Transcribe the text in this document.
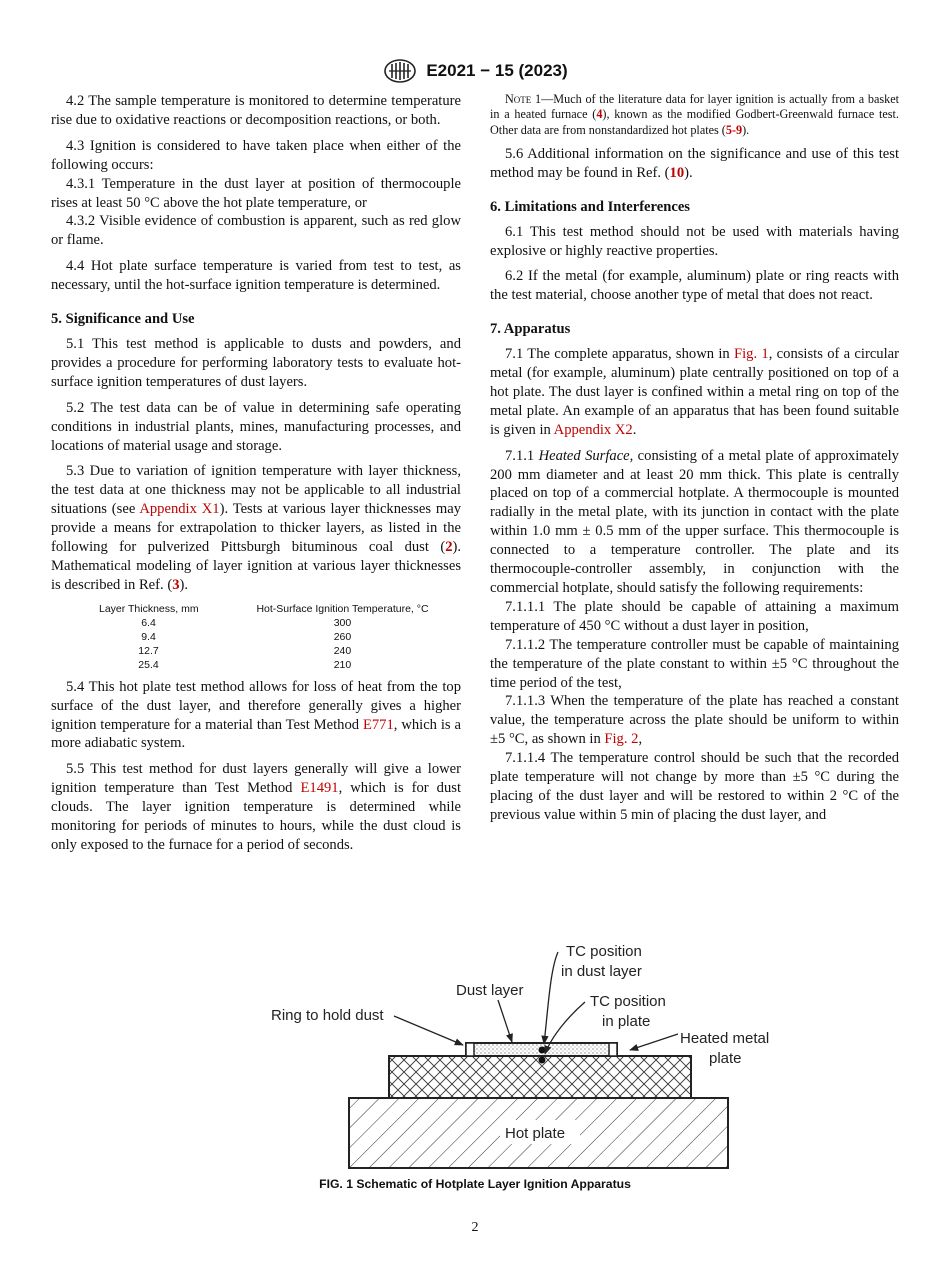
E2021 − 15 (2023)

4.2 The sample temperature is monitored to determine temperature rise due to oxidative reactions or decomposition reactions, or both.

4.3 Ignition is considered to have taken place when either of the following occurs:

4.3.1 Temperature in the dust layer at position of thermocouple rises at least 50 °C above the hot plate temperature, or

4.3.2 Visible evidence of combustion is apparent, such as red glow or flame.

4.4 Hot plate surface temperature is varied from test to test, as necessary, until the hot-surface ignition temperature is determined.

5. Significance and Use

5.1 This test method is applicable to dusts and powders, and provides a procedure for performing laboratory tests to evaluate hot-surface ignition temperatures of dust layers.

5.2 The test data can be of value in determining safe operating conditions in industrial plants, mines, manufacturing processes, and locations of material usage and storage.

5.3 Due to variation of ignition temperature with layer thickness, the test data at one thickness may not be applicable to all industrial situations (see Appendix X1). Tests at various layer thicknesses may provide a means for extrapolation to thicker layers, as listed in the following for pulverized Pittsburgh bituminous coal dust (2). Mathematical modeling of layer ignition at various layer thicknesses is described in Ref. (3).

Layer Thickness, mm	Hot-Surface Ignition Temperature, °C
6.4	300
9.4	260
12.7	240
25.4	210

5.4 This hot plate test method allows for loss of heat from the top surface of the dust layer, and therefore generally gives a higher ignition temperature for a material than Test Method E771, which is a more adiabatic system.

5.5 This test method for dust layers generally will give a lower ignition temperature than Test Method E1491, which is for dust clouds. The layer ignition temperature is determined while monitoring for periods of minutes to hours, while the dust cloud is only exposed to the furnace for a period of seconds.

Note 1—Much of the literature data for layer ignition is actually from a basket in a heated furnace (4), known as the modified Godbert-Greenwald furnace test. Other data are from nonstandardized hot plates (5-9).

5.6 Additional information on the significance and use of this test method may be found in Ref. (10).

6. Limitations and Interferences

6.1 This test method should not be used with materials having explosive or highly reactive properties.

6.2 If the metal (for example, aluminum) plate or ring reacts with the test material, choose another type of metal that does not react.

7. Apparatus

7.1 The complete apparatus, shown in Fig. 1, consists of a circular metal (for example, aluminum) plate centrally positioned on top of a hot plate. The dust layer is confined within a metal ring on top of the metal plate. An example of an apparatus that has been found suitable is given in Appendix X2.

7.1.1 Heated Surface, consisting of a metal plate of approximately 200 mm diameter and at least 20 mm thick. This plate is centrally placed on top of a commercial hotplate. A thermocouple is mounted radially in the metal plate, with its junction in contact with the plate within 1.0 mm ± 0.5 mm of the upper surface. This thermocouple is connected to a temperature controller. The plate and its thermocouple-controller assembly, in conjunction with the commercial hotplate, should satisfy the following requirements:

7.1.1.1 The plate should be capable of attaining a maximum temperature of 450 °C without a dust layer in position,

7.1.1.2 The temperature controller must be capable of maintaining the temperature of the plate constant to within ±5 °C throughout the time period of the test,

7.1.1.3 When the temperature of the plate has reached a constant value, the temperature across the plate should be uniform to within ±5 °C, as shown in Fig. 2,

7.1.1.4 The temperature control should be such that the recorded plate temperature will not change by more than ±5 °C during the placing of the dust layer and will be restored to within 2 °C of the previous value within 5 min of placing the dust layer, and

TC position
in dust layer
Dust layer
TC position
in plate
Ring to hold dust
Heated metal
plate
Hot plate
FIG. 1 Schematic of Hotplate Layer Ignition Apparatus
2
